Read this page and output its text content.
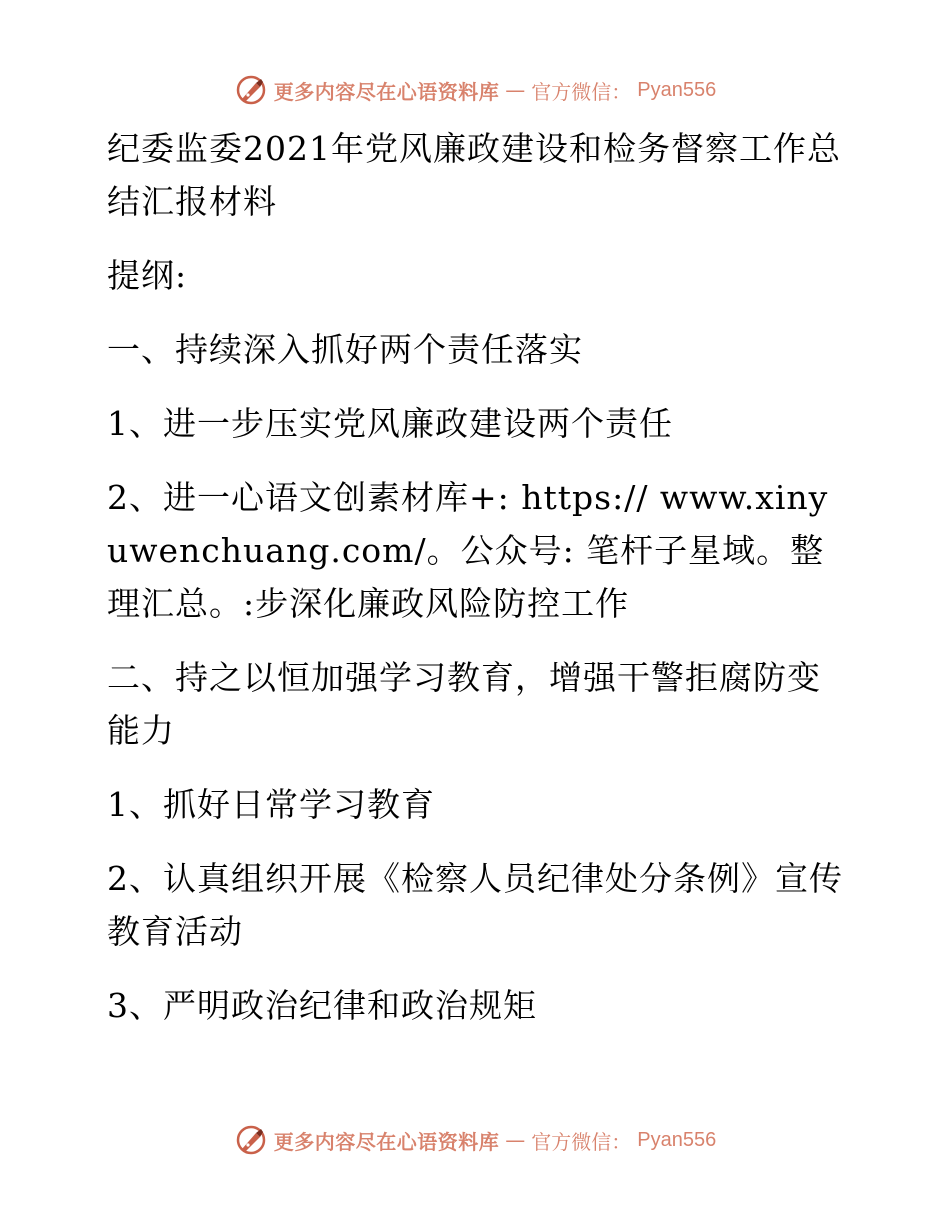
更多内容尽在心语资料库 — 官方微信： Pyan556

纪委监委2021年党风廉政建设和检务督察工作总结汇报材料

提纲:

一、持续深入抓好两个责任落实

1、进一步压实党风廉政建设两个责任

2、进一心语文创素材库+: https:// www.xinyuwenchuang.com/。公众号: 笔杆子星域。整理汇总。:步深化廉政风险防控工作

二、持之以恒加强学习教育，增强干警拒腐防变能力

1、抓好日常学习教育

2、认真组织开展《检察人员纪律处分条例》宣传教育活动

3、严明政治纪律和政治规矩

更多内容尽在心语资料库 — 官方微信： Pyan556
